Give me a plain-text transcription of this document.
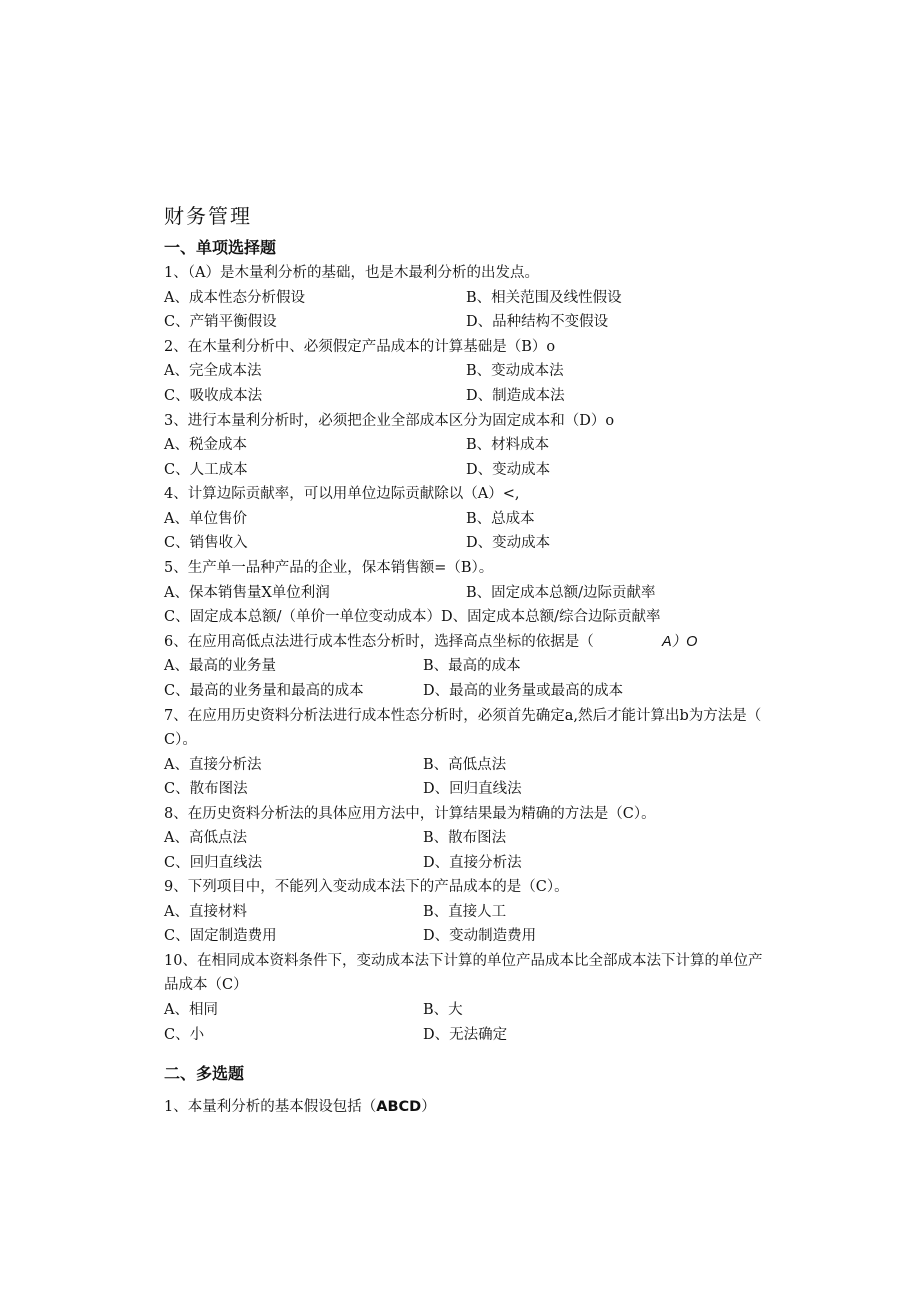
财务管理
一、单项选择题
1、（A）是木量利分析的基础，也是木最利分析的出发点。
A、成本性态分析假设	B、相关范围及线性假设
C、产销平衡假设	D、品种结构不变假设
2、在木量利分析中、必须假定产品成本的计算基础是（B）o
A、完全成本法	B、变动成本法
C、吸收成本法	D、制造成本法
3、进行本量利分析时，必须把企业全部成本区分为固定成本和（D）o
A、税金成本	B、材料成本
C、人工成本	D、变动成本
4、计算边际贡献率，可以用单位边际贡献除以（A）<,
A、单位售价	B、总成本
C、销售收入	D、变动成本
5、生产单一品种产品的企业，保本销售额=（B）。
A、保本销售量X单位利润	B、固定成本总额/边际贡献率
C、固定成本总额/（单价一单位变动成本）D、固定成本总额/综合边际贡献率
6、在应用高低点法进行成本性态分析时，选择高点坐标的依据是（	A）O
A、最高的业务量	B、最高的成本
C、最高的业务量和最高的成本	D、最高的业务量或最高的成本
7、在应用历史资料分析法进行成本性态分析时，必须首先确定a,然后才能计算出b为方法是（
C）。
A、直接分析法	B、高低点法
C、散布图法	D、回归直线法
8、在历史资料分析法的具体应用方法中，计算结果最为精确的方法是（C）。
A、高低点法	B、散布图法
C、回归直线法	D、直接分析法
9、下列项目中，不能列入变动成本法下的产品成本的是（C）。
A、直接材料	B、直接人工
C、固定制造费用	D、变动制造费用
10、在相同成本资料条件下，变动成本法下计算的单位产品成本比全部成本法下计算的单位产
品成本（C）
A、相同	B、大
C、小	D、无法确定
二、多选题
1、本量利分析的基本假设包括（ABCD）
